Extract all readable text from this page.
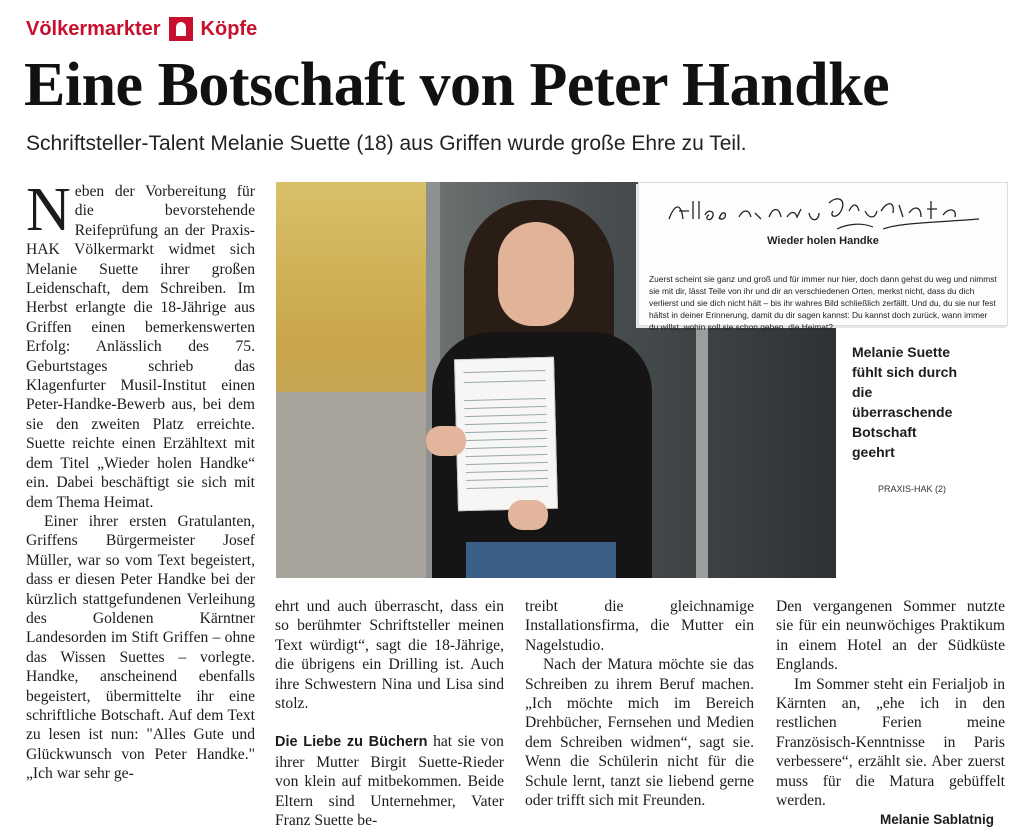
Völkermarkter Köpfe
Eine Botschaft von Peter Handke

Schriftsteller-Talent Melanie Suette (18) aus Griffen wurde große Ehre zu Teil.

Neben der Vorbereitung für die bevorstehende Reifeprüfung an der Praxis-HAK Völkermarkt widmet sich Melanie Suette ihrer großen Leidenschaft, dem Schreiben. Im Herbst erlangte die 18-Jährige aus Griffen einen bemerkenswerten Erfolg: Anlässlich des 75. Geburtstages schrieb das Klagenfurter Musil-Institut einen Peter-Handke-Bewerb aus, bei dem sie den zweiten Platz erreichte. Suette reichte einen Erzähltext mit dem Titel „Wieder holen Handke“ ein. Dabei beschäftigt sie sich mit dem Thema Heimat.

Einer ihrer ersten Gratulanten, Griffens Bürgermeister Josef Müller, war so vom Text begeistert, dass er diesen Peter Handke bei der kürzlich stattgefundenen Verleihung des Goldenen Kärntner Landesorden im Stift Griffen – ohne das Wissen Suettes – vorlegte. Handke, anscheinend ebenfalls begeistert, übermittelte ihr eine schriftliche Botschaft. Auf dem Text zu lesen ist nun: "Alles Gute und Glückwunsch von Peter Handke." „Ich war sehr ge-

Wieder holen Handke
Zuerst scheint sie ganz und groß und für immer nur hier, doch dann gehst du weg und nimmst sie mit dir, lässt Teile von ihr und dir an verschiedenen Orten, merkst nicht, dass du dich verlierst und sie dich nicht hält – bis ihr wahres Bild schließlich zerfällt. Und du, du sie nur fest hältst in deiner Erinnerung, damit du dir sagen kannst: Du kannst doch zurück, wann immer du willst, wohin soll sie schon gehen, die Heimat?
Melanie Suette fühlt sich durch die überraschende Botschaft geehrt
PRAXIS-HAK (2)

ehrt und auch überrascht, dass ein so berühmter Schriftsteller meinen Text würdigt“, sagt die 18-Jährige, die übrigens ein Drilling ist. Auch ihre Schwestern Nina und Lisa sind stolz.

Die Liebe zu Büchern hat sie von ihrer Mutter Birgit Suette-Rieder von klein auf mitbekommen. Beide Eltern sind Unternehmer, Vater Franz Suette be-

treibt die gleichnamige Installationsfirma, die Mutter ein Nagelstudio.

Nach der Matura möchte sie das Schreiben zu ihrem Beruf machen. „Ich möchte mich im Bereich Drehbücher, Fernsehen und Medien dem Schreiben widmen“, sagt sie. Wenn die Schülerin nicht für die Schule lernt, tanzt sie liebend gerne oder trifft sich mit Freunden.

Den vergangenen Sommer nutzte sie für ein neunwöchiges Praktikum in einem Hotel an der Südküste Englands.

Im Sommer steht ein Ferialjob in Kärnten an, „ehe ich in den restlichen Ferien meine Französisch-Kenntnisse in Paris verbessere“, erzählt sie. Aber zuerst muss für die Matura gebüffelt werden.

Melanie Sablatnig
